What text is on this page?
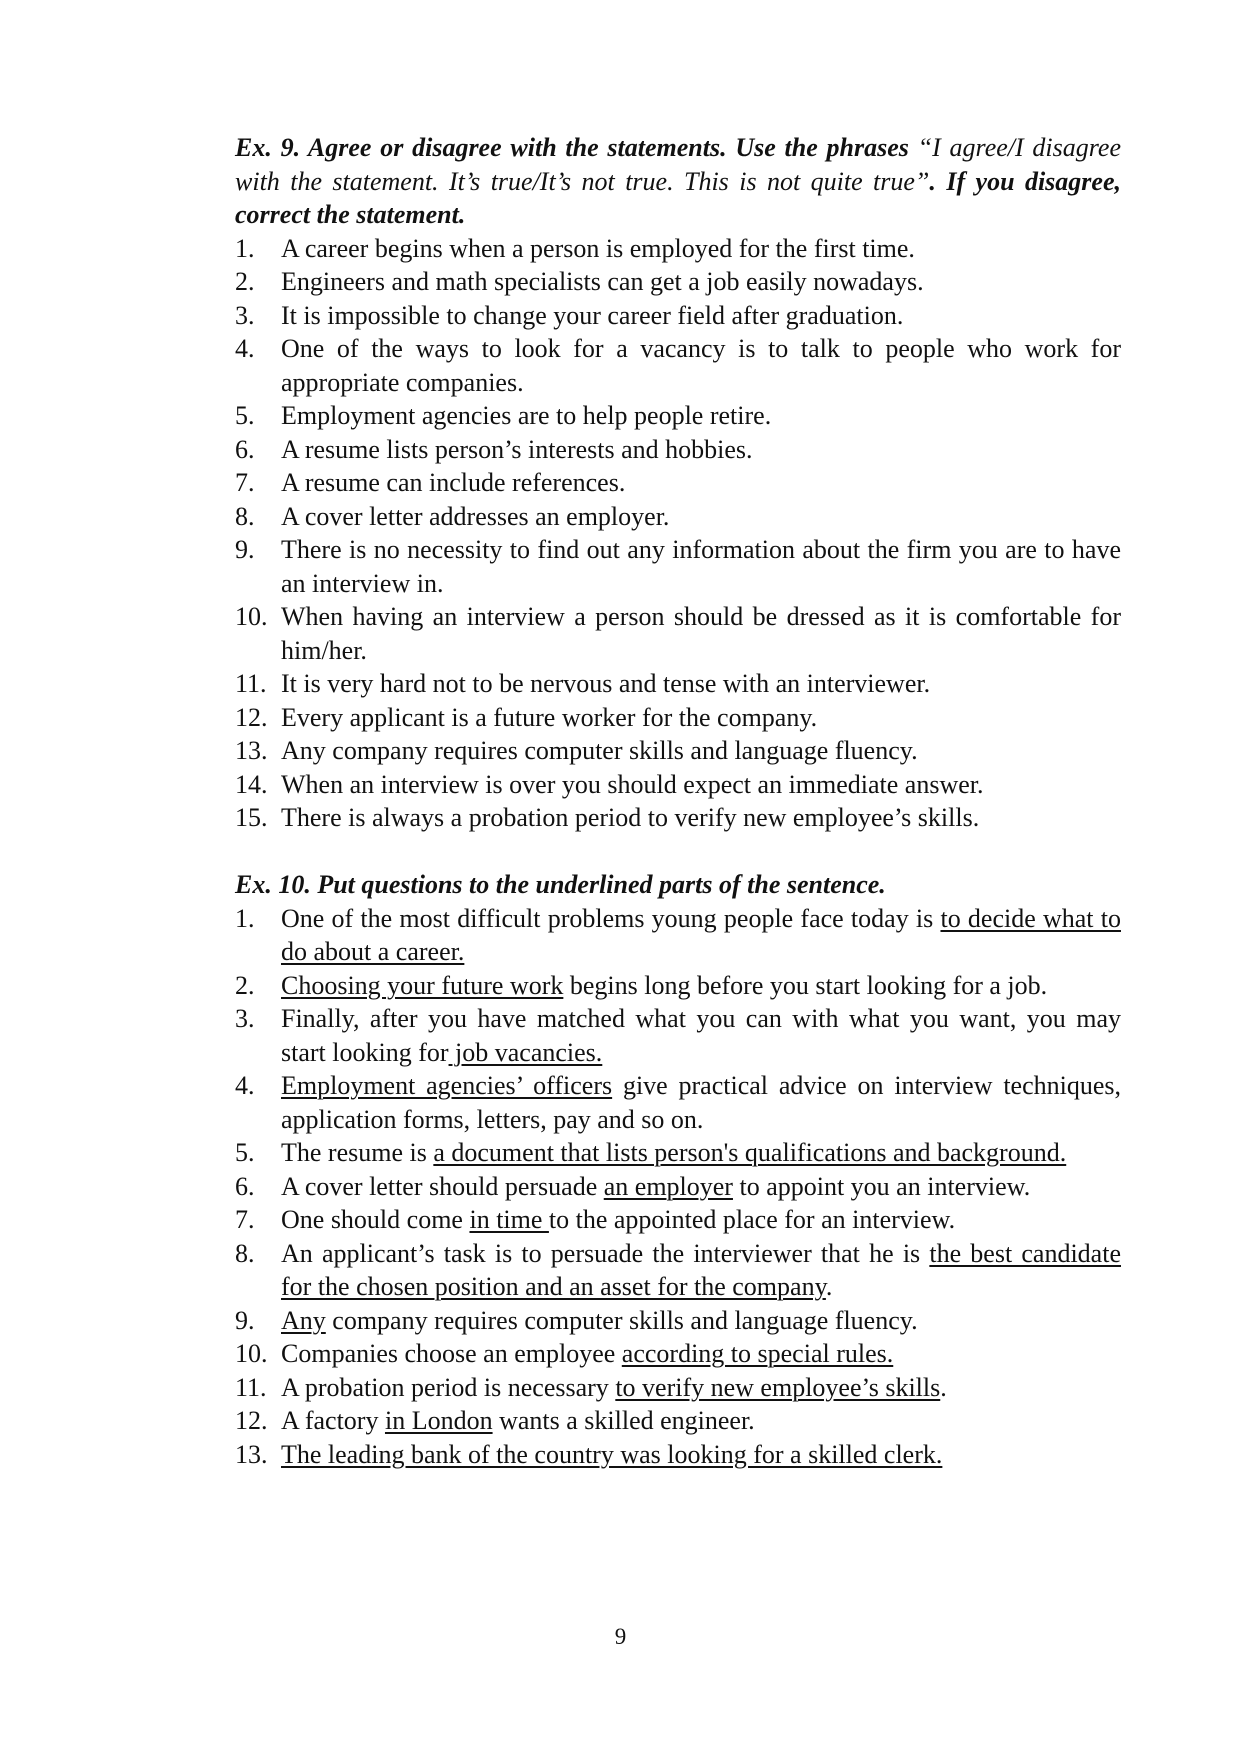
Ex. 9. Agree or disagree with the statements. Use the phrases “I agree/I disagree with the statement. It’s true/It’s not true. This is not quite true”. If you disagree, correct the statement.
1. A career begins when a person is employed for the first time.
2. Engineers and math specialists can get a job easily nowadays.
3. It is impossible to change your career field after graduation.
4. One of the ways to look for a vacancy is to talk to people who work for appropriate companies.
5. Employment agencies are to help people retire.
6. A resume lists person’s interests and hobbies.
7. A resume can include references.
8. A cover letter addresses an employer.
9. There is no necessity to find out any information about the firm you are to have an interview in.
10. When having an interview a person should be dressed as it is comfortable for him/her.
11. It is very hard not to be nervous and tense with an interviewer.
12. Every applicant is a future worker for the company.
13. Any company requires computer skills and language fluency.
14. When an interview is over you should expect an immediate answer.
15. There is always a probation period to verify new employee’s skills.
Ex. 10. Put questions to the underlined parts of the sentence.
1. One of the most difficult problems young people face today is to decide what to do about a career.
2. Choosing your future work begins long before you start looking for a job.
3. Finally, after you have matched what you can with what you want, you may start looking for job vacancies.
4. Employment agencies’ officers give practical advice on interview techniques, application forms, letters, pay and so on.
5. The resume is a document that lists person's qualifications and background.
6. A cover letter should persuade an employer to appoint you an interview.
7. One should come in time to the appointed place for an interview.
8. An applicant’s task is to persuade the interviewer that he is the best candidate for the chosen position and an asset for the company.
9. Any company requires computer skills and language fluency.
10. Companies choose an employee according to special rules.
11. A probation period is necessary to verify new employee’s skills.
12. A factory in London wants a skilled engineer.
13. The leading bank of the country was looking for a skilled clerk.
9
